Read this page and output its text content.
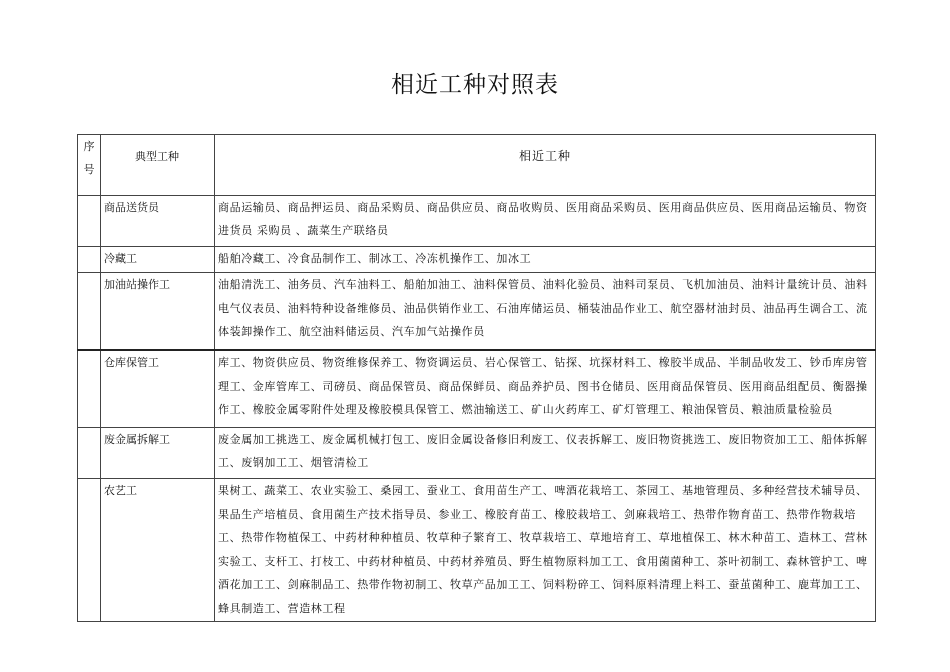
相近工种对照表
序号	典型工种	相近工种
	商品送货员	商品运输员、商品押运员、商品采购员、商品供应员、商品收购员、医用商品采购员、医用商品供应员、医用商品运输员、物资进货员 采购员 、蔬菜生产联络员
	冷藏工	船舶冷藏工、冷食品制作工、制冰工、冷冻机操作工、加冰工
	加油站操作工	油船清洗工、油务员、汽车油料工、船舶加油工、油料保管员、油料化验员、油料司泵员、飞机加油员、油料计量统计员、油料电气仪表员、油料特种设备维修员、油品供销作业工、石油库储运员、桶装油品作业工、航空器材油封员、油品再生调合工、流体装卸操作工、航空油料储运员、汽车加气站操作员
	仓库保管工	库工、物资供应员、物资维修保养工、物资调运员、岩心保管工、钻探、坑探材料工、橡胶半成品、半制品收发工、钞币库房管理工、金库管库工、司磅员、商品保管员、商品保鲜员、商品养护员、图书仓储员、医用商品保管员、医用商品组配员、衡器操作工、橡胶金属零附件处理及橡胶模具保管工、燃油输送工、矿山火药库工、矿灯管理工、粮油保管员、粮油质量检验员
	废金属拆解工	废金属加工挑选工、废金属机械打包工、废旧金属设备修旧利废工、仪表拆解工、废旧物资挑选工、废旧物资加工工、船体拆解工、废钢加工工、烟管清检工
	农艺工	果树工、蔬菜工、农业实验工、桑园工、蚕业工、食用苗生产工、啤酒花栽培工、茶园工、基地管理员、多种经营技术辅导员、果品生产培植员、食用菌生产技术指导员、参业工、橡胶育苗工、橡胶栽培工、剑麻栽培工、热带作物育苗工、热带作物栽培工、热带作物植保工、中药材种种植员、牧草种子繁育工、牧草栽培工、草地培育工、草地植保工、林木种苗工、造林工、营林实验工、支杆工、打枝工、中药材种植员、中药材养殖员、野生植物原料加工工、食用菌菌种工、茶叶初制工、森林管护工、啤酒花加工工、剑麻制品工、热带作物初制工、牧草产品加工工、饲料粉碎工、饲料原料清理上料工、蚕茧菌种工、鹿茸加工工、蜂具制造工、营造林工程
